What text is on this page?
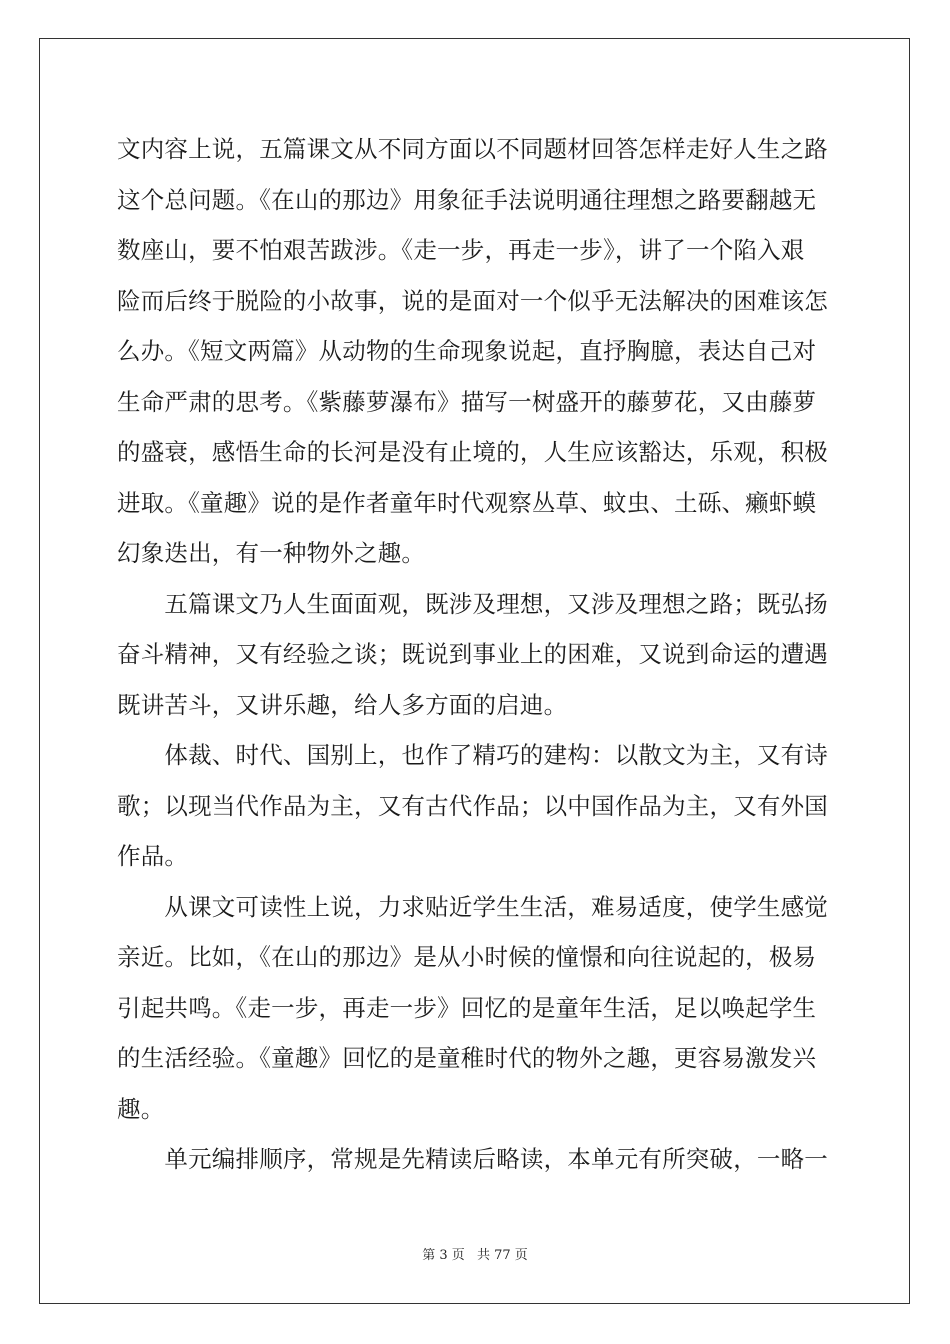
文内容上说，五篇课文从不同方面以不同题材回答怎样走好人生之路
这个总问题。《在山的那边》用象征手法说明通往理想之路要翻越无
数座山，要不怕艰苦跋涉。《走一步，再走一步》，讲了一个陷入艰
险而后终于脱险的小故事，说的是面对一个似乎无法解决的困难该怎
么办。《短文两篇》从动物的生命现象说起，直抒胸臆，表达自己对
生命严肃的思考。《紫藤萝瀑布》描写一树盛开的藤萝花，又由藤萝
的盛衰，感悟生命的长河是没有止境的，人生应该豁达，乐观，积极
进取。《童趣》说的是作者童年时代观察丛草、蚊虫、土砾、癞虾蟆
幻象迭出，有一种物外之趣。
　　五篇课文乃人生面面观，既涉及理想，又涉及理想之路；既弘扬
奋斗精神，又有经验之谈；既说到事业上的困难，又说到命运的遭遇
既讲苦斗，又讲乐趣，给人多方面的启迪。
　　体裁、时代、国别上，也作了精巧的建构：以散文为主，又有诗
歌；以现当代作品为主，又有古代作品；以中国作品为主，又有外国
作品。
　　从课文可读性上说，力求贴近学生生活，难易适度，使学生感觉
亲近。比如，《在山的那边》是从小时候的憧憬和向往说起的，极易
引起共鸣。《走一步，再走一步》回忆的是童年生活，足以唤起学生
的生活经验。《童趣》回忆的是童稚时代的物外之趣，更容易激发兴
趣。
　　单元编排顺序，常规是先精读后略读，本单元有所突破，一略一
第 3 页 共 77 页
